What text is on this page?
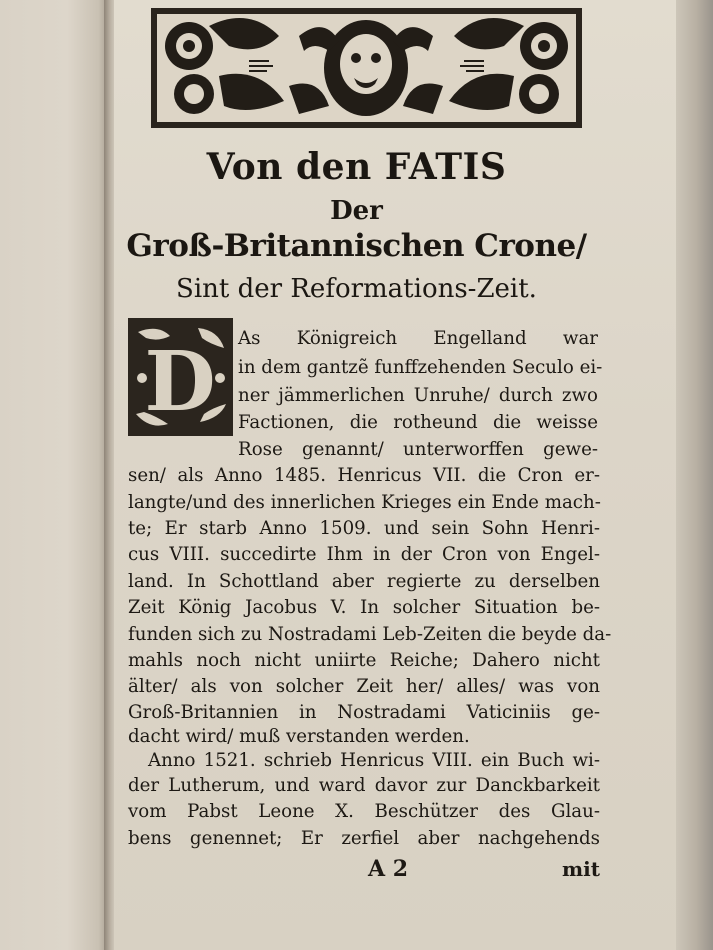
Von den FATIS
Der
Groß-Britannischen Crone/
Sint der Reformations-Zeit.
D As Königreich Engelland war
in dem gantzẽ funffzehenden Seculo ei-
ner jämmerlichen Unruhe/ durch zwo
Factionen, die rotheund die weisse
Rose genannt/ unterworffen gewe-
sen/ als Anno 1485. Henricus VII. die Cron er-
langte/und des innerlichen Krieges ein Ende mach-
te; Er starb Anno 1509. und sein Sohn Henri-
cus VIII. succedirte Ihm in der Cron von Engel-
land. In Schottland aber regierte zu derselben
Zeit König Jacobus V. In solcher Situation be-
funden sich zu Nostradami Leb-Zeiten die beyde da-
mahls noch nicht uniirte Reiche; Dahero nicht
älter/ als von solcher Zeit her/ alles/ was von
Groß-Britannien in Nostradami Vaticiniis ge-
dacht wird/ muß verstanden werden.
Anno 1521. schrieb Henricus VIII. ein Buch wi-
der Lutherum, und ward davor zur Danckbarkeit
vom Pabst Leone X. Beschützer des Glau-
bens genennet; Er zerfiel aber nachgehends
A 2	mit
